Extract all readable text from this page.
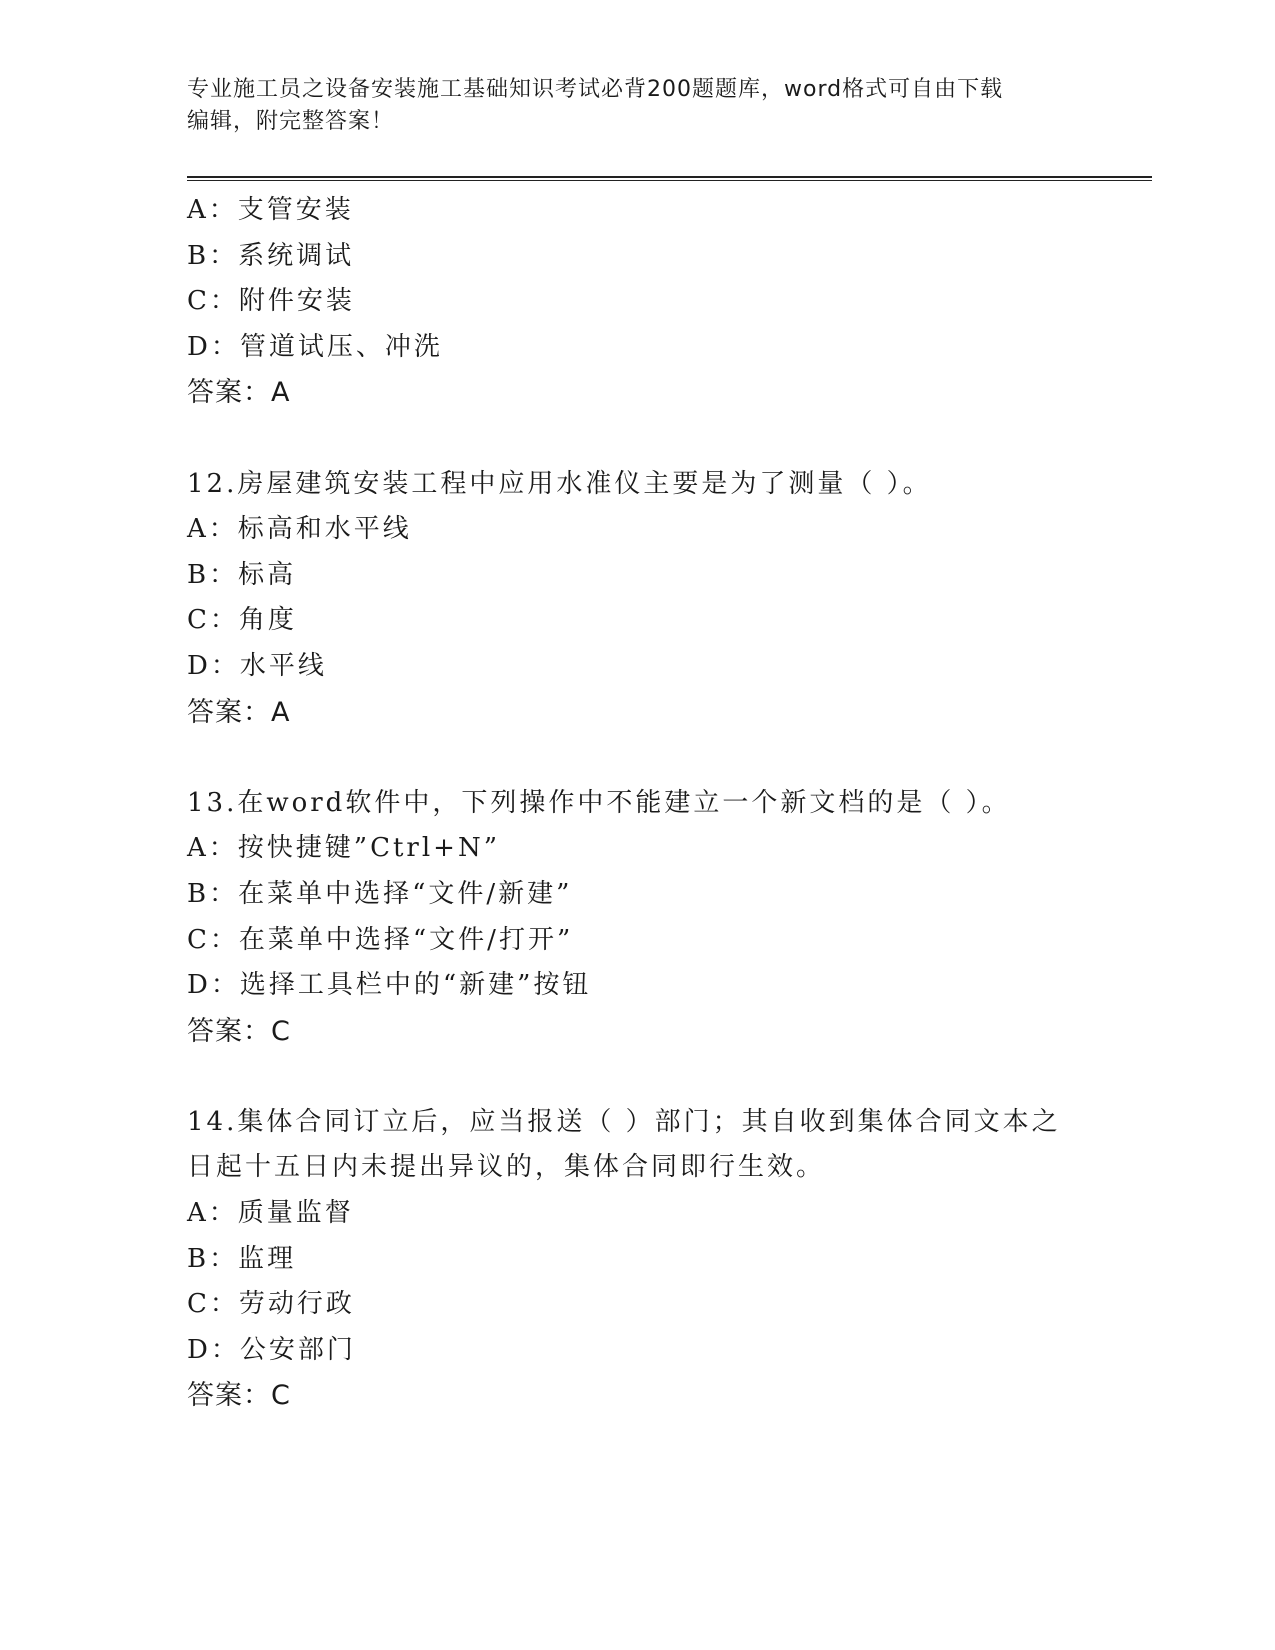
专业施工员之设备安装施工基础知识考试必背200题题库，word格式可自由下载
编辑，附完整答案！
A：支管安装
B：系统调试
C：附件安装
D：管道试压、冲洗
答案：A
12.房屋建筑安装工程中应用水准仪主要是为了测量（ ）。
A：标高和水平线
B：标高
C：角度
D：水平线
答案：A
13.在word软件中，下列操作中不能建立一个新文档的是（ ）。
A：按快捷键”Ctrl+N”
B：在菜单中选择“文件/新建”
C：在菜单中选择“文件/打开”
D：选择工具栏中的“新建”按钮
答案：C
14.集体合同订立后，应当报送（ ）部门；其自收到集体合同文本之日起十五日内未提出异议的，集体合同即行生效。
A：质量监督
B：监理
C：劳动行政
D：公安部门
答案：C
